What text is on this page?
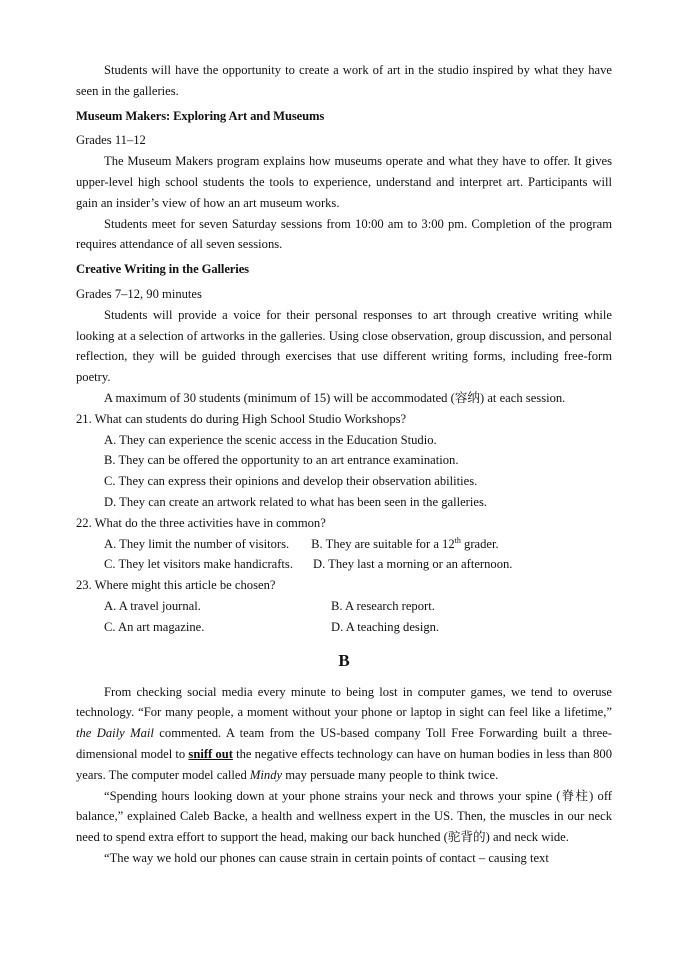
Students will have the opportunity to create a work of art in the studio inspired by what they have seen in the galleries.

Museum Makers: Exploring Art and Museums

Grades 11–12

The Museum Makers program explains how museums operate and what they have to offer. It gives upper-level high school students the tools to experience, understand and interpret art. Participants will gain an insider’s view of how an art museum works.

Students meet for seven Saturday sessions from 10:00 am to 3:00 pm. Completion of the program requires attendance of all seven sessions.

Creative Writing in the Galleries

Grades 7–12, 90 minutes

Students will provide a voice for their personal responses to art through creative writing while looking at a selection of artworks in the galleries. Using close observation, group discussion, and personal reflection, they will be guided through exercises that use different writing forms, including free-form poetry.

A maximum of 30 students (minimum of 15) will be accommodated (容纳) at each session.

21. What can students do during High School Studio Workshops?

A. They can experience the scenic access in the Education Studio.

B. They can be offered the opportunity to an art entrance examination.

C. They can express their opinions and develop their observation abilities.

D. They can create an artwork related to what has been seen in the galleries.

22. What do the three activities have in common?

A. They limit the number of visitors. B. They are suitable for a 12th grader.
C. They let visitors make handicrafts. D. They last a morning or an afternoon.

23. Where might this article be chosen?

A. A travel journal.	B. A research report.
C. An art magazine.	D. A teaching design.
B

From checking social media every minute to being lost in computer games, we tend to overuse technology. “For many people, a moment without your phone or laptop in sight can feel like a lifetime,” the Daily Mail commented. A team from the US-based company Toll Free Forwarding built a three-dimensional model to sniff out the negative effects technology can have on human bodies in less than 800 years. The computer model called Mindy may persuade many people to think twice.

“Spending hours looking down at your phone strains your neck and throws your spine (脊柱) off balance,” explained Caleb Backe, a health and wellness expert in the US. Then, the muscles in our neck need to spend extra effort to support the head, making our back hunched (驼背的) and neck wide.

“The way we hold our phones can cause strain in certain points of contact – causing text
